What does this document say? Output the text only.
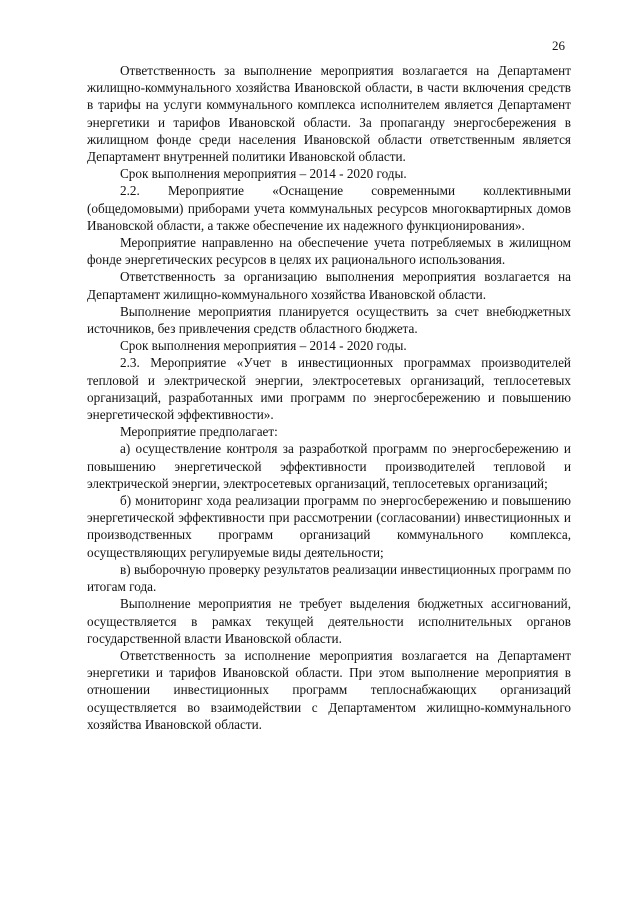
26

Ответственность за выполнение мероприятия возлагается на Департамент жилищно-коммунального хозяйства Ивановской области, в части включения средств в тарифы на услуги коммунального комплекса исполнителем является Департамент энергетики и тарифов Ивановской области. За пропаганду энергосбережения в жилищном фонде среди населения Ивановской области ответственным является Департамент внутренней политики Ивановской области.

Срок выполнения мероприятия – 2014 - 2020 годы.

2.2. Мероприятие «Оснащение современными коллективными (общедомовыми) приборами учета коммунальных ресурсов многоквартирных домов Ивановской области, а также обеспечение их надежного функционирования».

Мероприятие направленно на обеспечение учета потребляемых в жилищном фонде энергетических ресурсов в целях их рационального использования.

Ответственность за организацию выполнения мероприятия возлагается на Департамент жилищно-коммунального хозяйства Ивановской области.

Выполнение мероприятия планируется осуществить за счет внебюджетных источников, без привлечения средств областного бюджета.

Срок выполнения мероприятия – 2014 - 2020 годы.

2.3. Мероприятие «Учет в инвестиционных программах производителей тепловой и электрической энергии, электросетевых организаций, теплосетевых организаций, разработанных ими программ по энергосбережению и повышению энергетической эффективности».

Мероприятие предполагает:

а) осуществление контроля за разработкой программ по энергосбережению и повышению энергетической эффективности производителей тепловой и электрической энергии, электросетевых организаций, теплосетевых организаций;

б) мониторинг хода реализации программ по энергосбережению и повышению энергетической эффективности при рассмотрении (согласовании) инвестиционных и производственных программ организаций коммунального комплекса, осуществляющих регулируемые виды деятельности;

в) выборочную проверку результатов реализации инвестиционных программ по итогам года.

Выполнение мероприятия не требует выделения бюджетных ассигнований, осуществляется в рамках текущей деятельности исполнительных органов государственной власти Ивановской области.

Ответственность за исполнение мероприятия возлагается на Департамент энергетики и тарифов Ивановской области. При этом выполнение мероприятия в отношении инвестиционных программ теплоснабжающих организаций осуществляется во взаимодействии с Департаментом жилищно-коммунального хозяйства Ивановской области.
